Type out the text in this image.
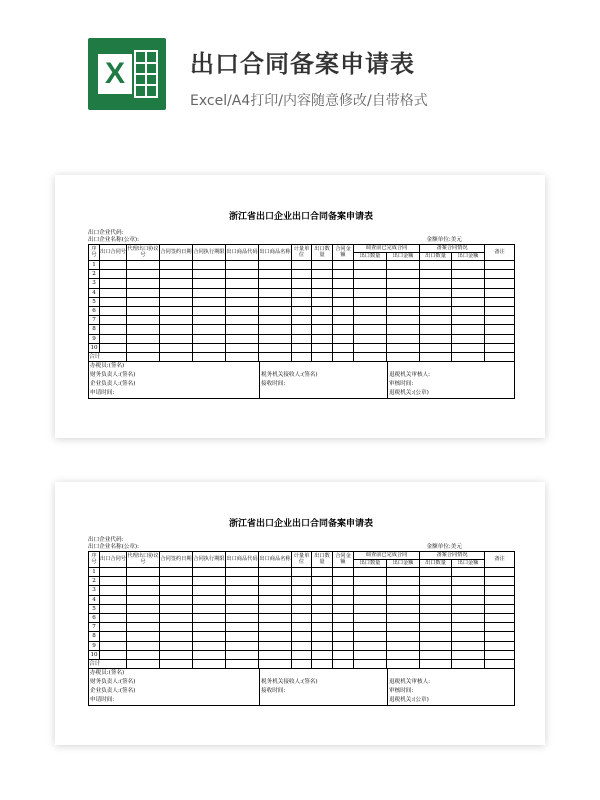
X	出口合同备案申请表
Excel/A4打印/内容随意修改/自带格式
浙江省出口企业出口合同备案申请表
出口企业代码:
出口企业名称(公章):	金额单位:美元
序号	出口合同号	代理出口协议号	合同签约日期	合同执行期限	出口商品代码	出口商品名称	计量单位	出口数量	合同金额	调查前已完成合同		备案合同情况		备注
										出口数量	出口金额	出口数量	出口金额	
1														
2														
3														
4														
5														
6														
7														
8														
9														
10														
合计														
办税员:(签名)		
财务负责人:(签名)	税务机关接收人:(签名)	退税机关审核人:
企业负责人:(签名)	接收时间:	审核时间:
申请时间:		退税机关:(公章)
浙江省出口企业出口合同备案申请表
出口企业代码:
出口企业名称(公章):	金额单位:美元
序号	出口合同号	代理出口协议号	合同签约日期	合同执行期限	出口商品代码	出口商品名称	计量单位	出口数量	合同金额	调查前已完成合同		备案合同情况		备注
										出口数量	出口金额	出口数量	出口金额	
1														
2														
3														
4														
5														
6														
7														
8														
9														
10														
合计														
办税员:(签名)		
财务负责人:(签名)	税务机关接收人:(签名)	退税机关审核人:
企业负责人:(签名)	接收时间:	审核时间:
申请时间:		退税机关:(公章)
